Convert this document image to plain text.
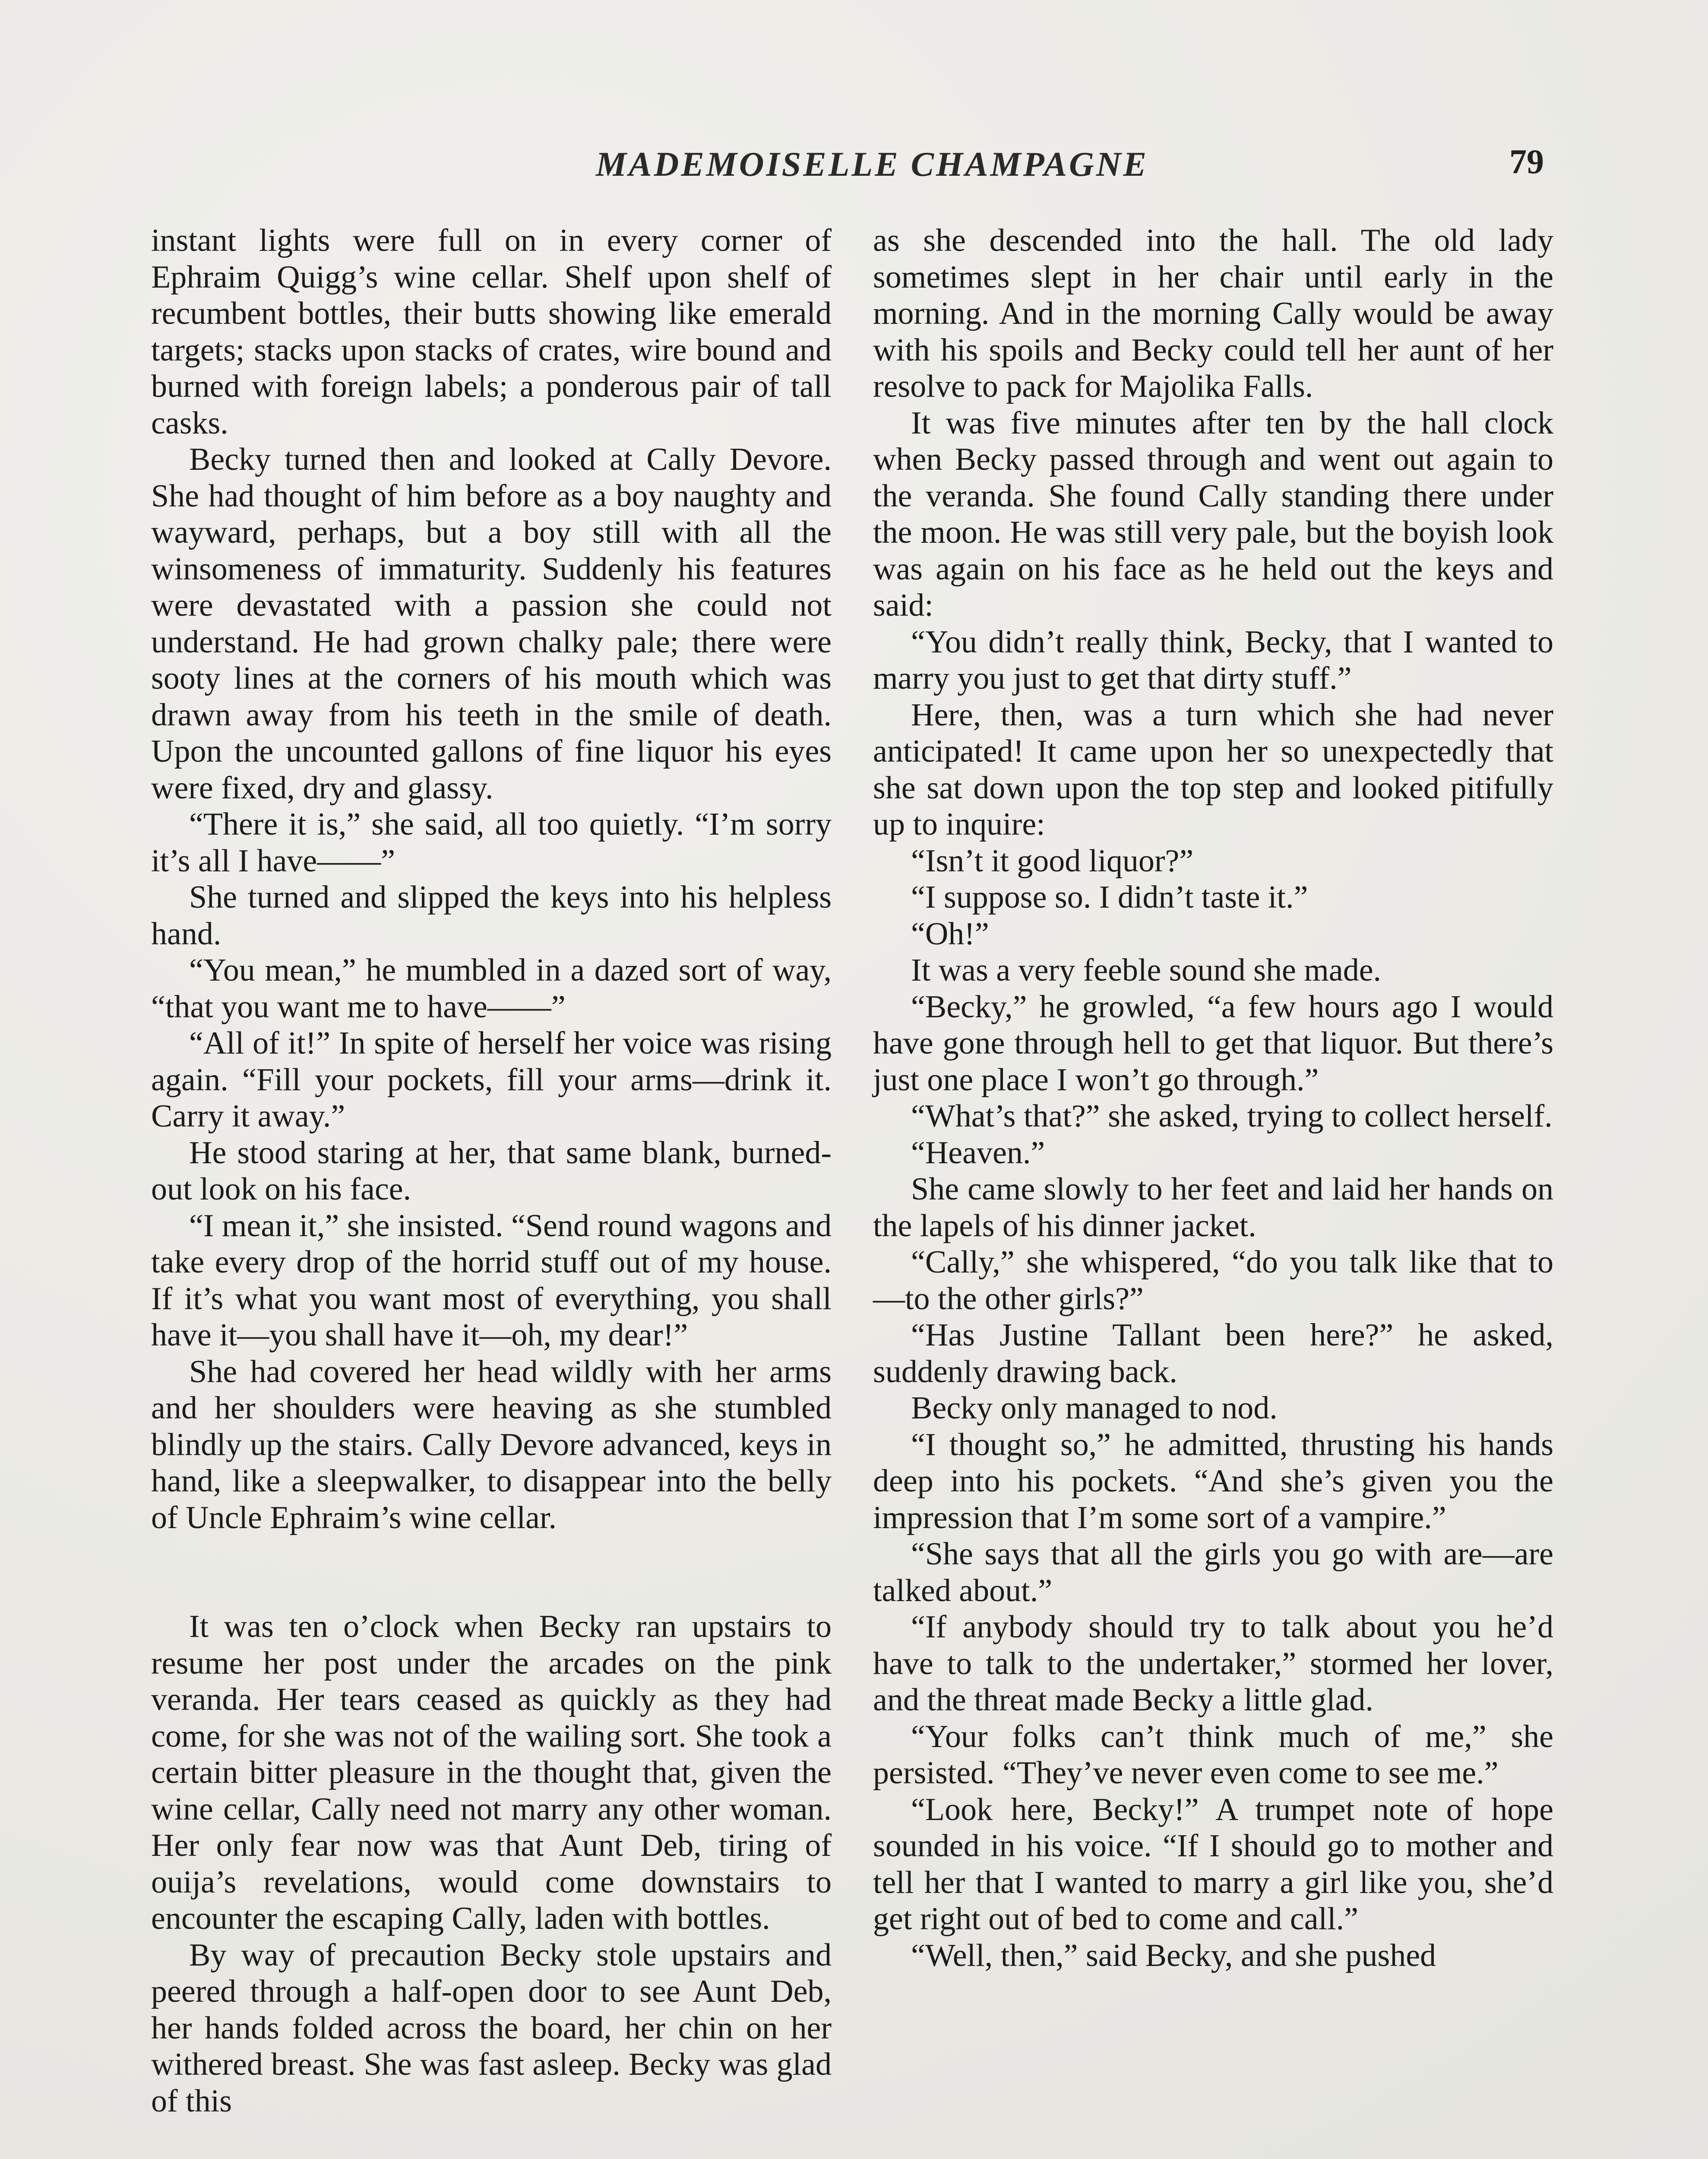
MADEMOISELLE CHAMPAGNE	79

instant lights were full on in every corner of Ephraim Quigg’s wine cellar. Shelf upon shelf of recumbent bottles, their butts showing like emerald targets; stacks upon stacks of crates, wire bound and burned with foreign labels; a ponderous pair of tall casks.

Becky turned then and looked at Cally Devore. She had thought of him before as a boy naughty and wayward, perhaps, but a boy still with all the winsomeness of immaturity. Suddenly his features were devastated with a passion she could not understand. He had grown chalky pale; there were sooty lines at the corners of his mouth which was drawn away from his teeth in the smile of death. Upon the uncounted gallons of fine liquor his eyes were fixed, dry and glassy.

“There it is,” she said, all too quietly. “I’m sorry it’s all I have——”

She turned and slipped the keys into his helpless hand.

“You mean,” he mumbled in a dazed sort of way, “that you want me to have——”

“All of it!” In spite of herself her voice was rising again. “Fill your pockets, fill your arms—drink it. Carry it away.”

He stood staring at her, that same blank, burned-out look on his face.

“I mean it,” she insisted. “Send round wagons and take every drop of the horrid stuff out of my house. If it’s what you want most of everything, you shall have it—you shall have it—oh, my dear!”

She had covered her head wildly with her arms and her shoulders were heaving as she stumbled blindly up the stairs. Cally Devore advanced, keys in hand, like a sleepwalker, to disappear into the belly of Uncle Ephraim’s wine cellar.

It was ten o’clock when Becky ran upstairs to resume her post under the arcades on the pink veranda. Her tears ceased as quickly as they had come, for she was not of the wailing sort. She took a certain bitter pleasure in the thought that, given the wine cellar, Cally need not marry any other woman. Her only fear now was that Aunt Deb, tiring of ouija’s revelations, would come downstairs to encounter the escaping Cally, laden with bottles.

By way of precaution Becky stole upstairs and peered through a half-open door to see Aunt Deb, her hands folded across the board, her chin on her withered breast. She was fast asleep. Becky was glad of this

as she descended into the hall. The old lady sometimes slept in her chair until early in the morning. And in the morning Cally would be away with his spoils and Becky could tell her aunt of her resolve to pack for Majolika Falls.

It was five minutes after ten by the hall clock when Becky passed through and went out again to the veranda. She found Cally standing there under the moon. He was still very pale, but the boyish look was again on his face as he held out the keys and said:

“You didn’t really think, Becky, that I wanted to marry you just to get that dirty stuff.”

Here, then, was a turn which she had never anticipated! It came upon her so unexpectedly that she sat down upon the top step and looked pitifully up to inquire:

“Isn’t it good liquor?”

“I suppose so. I didn’t taste it.”

“Oh!”

It was a very feeble sound she made.

“Becky,” he growled, “a few hours ago I would have gone through hell to get that liquor. But there’s just one place I won’t go through.”

“What’s that?” she asked, trying to collect herself.

“Heaven.”

She came slowly to her feet and laid her hands on the lapels of his dinner jacket.

“Cally,” she whispered, “do you talk like that to—to the other girls?”

“Has Justine Tallant been here?” he asked, suddenly drawing back.

Becky only managed to nod.

“I thought so,” he admitted, thrusting his hands deep into his pockets. “And she’s given you the impression that I’m some sort of a vampire.”

“She says that all the girls you go with are—are talked about.”

“If anybody should try to talk about you he’d have to talk to the undertaker,” stormed her lover, and the threat made Becky a little glad.

“Your folks can’t think much of me,” she persisted. “They’ve never even come to see me.”

“Look here, Becky!” A trumpet note of hope sounded in his voice. “If I should go to mother and tell her that I wanted to marry a girl like you, she’d get right out of bed to come and call.”

“Well, then,” said Becky, and she pushed
